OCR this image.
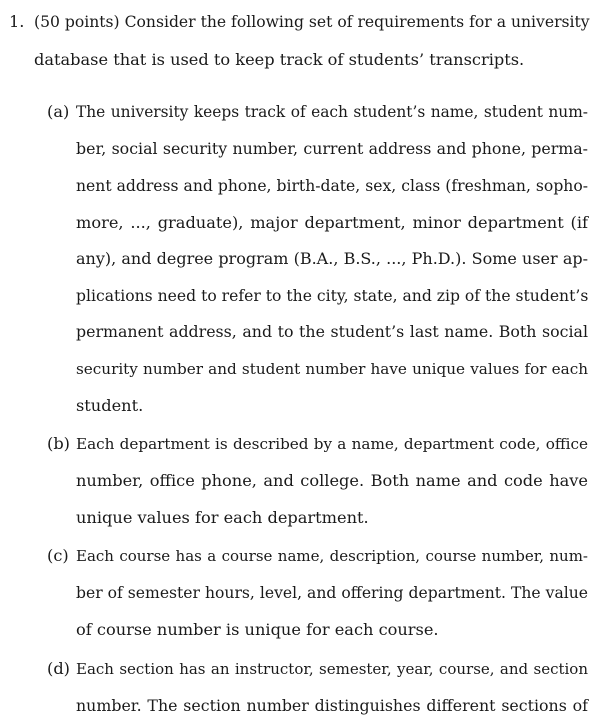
1. (50 points) Consider the following set of requirements for a university
database that is used to keep track of students’ transcripts.
(a) The university keeps track of each student’s name, student num-
ber, social security number, current address and phone, perma-
nent address and phone, birth-date, sex, class (freshman, sopho-
more, ..., graduate), major department, minor department (if
any), and degree program (B.A., B.S., ..., Ph.D.). Some user ap-
plications need to refer to the city, state, and zip of the student’s
permanent address, and to the student’s last name. Both social
security number and student number have unique values for each
student.
(b) Each department is described by a name, department code, office
number, office phone, and college. Both name and code have
unique values for each department.
(c) Each course has a course name, description, course number, num-
ber of semester hours, level, and offering department. The value
of course number is unique for each course.
(d) Each section has an instructor, semester, year, course, and section
number. The section number distinguishes different sections of
